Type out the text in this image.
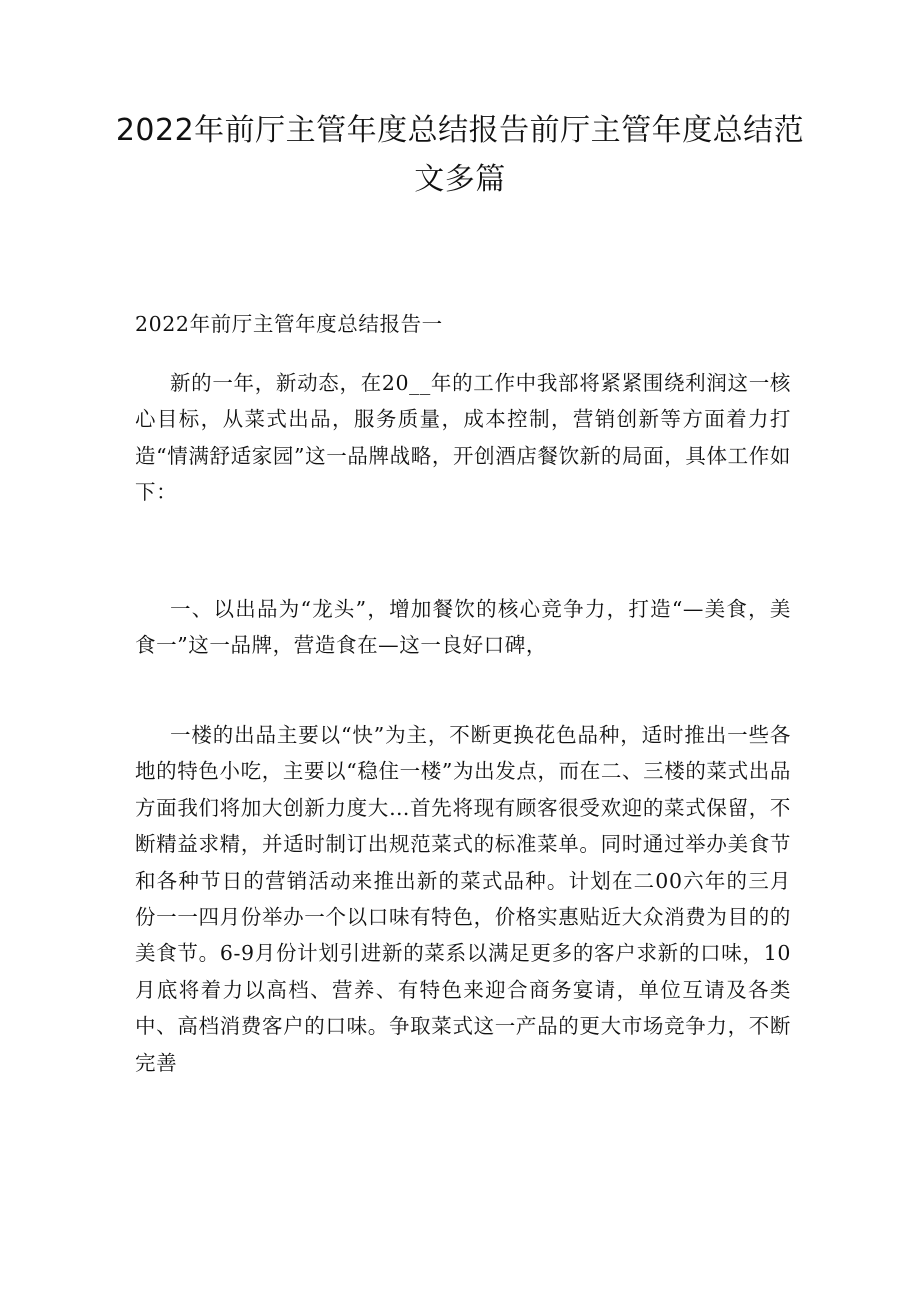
2022年前厅主管年度总结报告前厅主管年度总结范文多篇

2022年前厅主管年度总结报告一

新的一年，新动态，在20__年的工作中我部将紧紧围绕利润这一核心目标，从菜式出品，服务质量，成本控制，营销创新等方面着力打造“情满舒适家园”这一品牌战略，开创酒店餐饮新的局面，具体工作如下：

一、以出品为“龙头”，增加餐饮的核心竞争力，打造“—美食，美食一”这一品牌，营造食在—这一良好口碑，

一楼的出品主要以“快”为主，不断更换花色品种，适时推出一些各地的特色小吃，主要以“稳住一楼”为出发点，而在二、三楼的菜式出品方面我们将加大创新力度大…首先将现有顾客很受欢迎的菜式保留，不断精益求精，并适时制订出规范菜式的标准菜单。同时通过举办美食节和各种节日的营销活动来推出新的菜式品种。计划在二00六年的三月份一一四月份举办一个以口味有特色，价格实惠贴近大众消费为目的的美食节。6-9月份计划引进新的菜系以满足更多的客户求新的口味，10月底将着力以高档、营养、有特色来迎合商务宴请，单位互请及各类中、高档消费客户的口味。争取菜式这一产品的更大市场竞争力，不断完善
